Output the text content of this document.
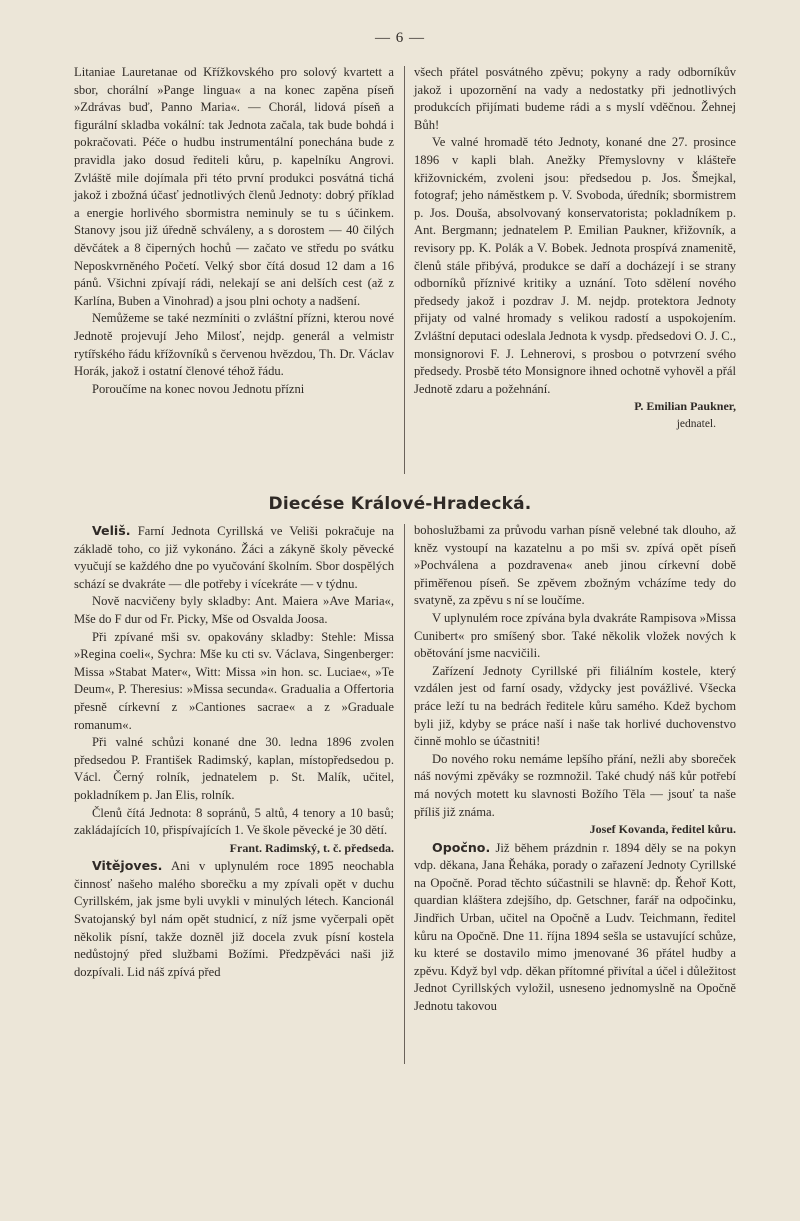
— 6 —

Litaniae Lauretanae od Křížkovského pro solový kvartett a sbor, chorální »Pange lingua« a na konec zapěna píseň »Zdrávas buď, Panno Maria«. — Chorál, lidová píseň a figurální skladba vokální: tak Jednota začala, tak bude bohdá i pokračovati. Péče o hudbu instrumentální ponechána bude z pravidla jako dosud řediteli kůru, p. kapelníku Angrovi. Zvláště mile dojímala při této první produkci posvátná tichá jakož i zbožná účasť jednotlivých členů Jednoty: dobrý příklad a energie horlivého sbormistra neminuly se tu s účinkem. Stanovy jsou již úředně schváleny, a s dorostem — 40 čilých děvčátek a 8 čiperných hochů — začato ve středu po svátku Neposkvrněného Početí. Velký sbor čítá dosud 12 dam a 16 pánů. Všichni zpívají rádi, nelekají se ani delších cest (až z Karlína, Buben a Vinohrad) a jsou plni ochoty a nadšení.

Nemůžeme se také nezmíniti o zvláštní přízni, kterou nové Jednotě projevují Jeho Milosť, nejdp. generál a velmistr rytířského řádu křížovníků s červenou hvězdou, Th. Dr. Václav Horák, jakož i ostatní členové téhož řádu.

Poroučíme na konec novou Jednotu přízni

všech přátel posvátného zpěvu; pokyny a rady odborníkův jakož i upozornění na vady a nedostatky při jednotlivých produkcích přijímati budeme rádi a s myslí vděčnou. Žehnej Bůh!

Ve valné hromadě této Jednoty, konané dne 27. prosince 1896 v kapli blah. Anežky Přemyslovny v klášteře křižovnickém, zvoleni jsou: předsedou p. Jos. Šmejkal, fotograf; jeho náměstkem p. V. Svoboda, úředník; sbormistrem p. Jos. Douša, absolvovaný konservatorista; pokladníkem p. Ant. Bergmann; jednatelem P. Emilian Paukner, křižovník, a revisory pp. K. Polák a V. Bobek. Jednota prospívá znamenitě, členů stále přibývá, produkce se daří a docházejí i se strany odborníků příznivé kritiky a uznání. Toto sdělení nového předsedy jakož i pozdrav J. M. nejdp. protektora Jednoty přijaty od valné hromady s velikou radostí a uspokojením. Zvláštní deputaci odeslala Jednota k vysdp. předsedovi O. J. C., monsignorovi F. J. Lehnerovi, s prosbou o potvrzení svého předsedy. Prosbě této Monsignore ihned ochotně vyhověl a přál Jednotě zdaru a požehnání.

P. Emilian Paukner,

jednatel.

Diecése Králové-Hradecká.

Veliš. Farní Jednota Cyrillská ve Veliši pokračuje na základě toho, co již vykonáno. Žáci a zákyně školy pěvecké vyučují se každého dne po vyučování školním. Sbor dospělých schází se dvakráte — dle potřeby i vícekráte — v týdnu.

Nově nacvičeny byly skladby: Ant. Maiera »Ave Maria«, Mše do F dur od Fr. Picky, Mše od Osvalda Joosa.

Při zpívané mši sv. opakovány skladby: Stehle: Missa »Regina coeli«, Sychra: Mše ku cti sv. Václava, Singenberger: Missa »Stabat Mater«, Witt: Missa »in hon. sc. Luciae«, »Te Deum«, P. Theresius: »Missa secunda«. Gradualia a Offertoria přesně církevní z »Cantiones sacrae« a z »Graduale romanum«.

Při valné schůzi konané dne 30. ledna 1896 zvolen předsedou P. František Radimský, kaplan, místopředsedou p. Václ. Černý rolník, jednatelem p. St. Malík, učitel, pokladníkem p. Jan Elis, rolník.

Členů čítá Jednota: 8 sopránů, 5 altů, 4 tenory a 10 basů; zakládajících 10, přispívajících 1. Ve škole pěvecké je 30 dětí.

Frant. Radimský, t. č. předseda.

Vitějoves. Ani v uplynulém roce 1895 neochabla činnosť našeho malého sborečku a my zpívali opět v duchu Cyrillském, jak jsme byli uvykli v minulých létech. Kancionál Svatojanský byl nám opět studnicí, z níž jsme vyčerpali opět několik písní, takže dozněl již docela zvuk písní kostela nedůstojný před službami Božími. Předzpěváci naši již dozpívali. Lid náš zpívá před

bohoslužbami za průvodu varhan písně velebné tak dlouho, až kněz vystoupí na kazatelnu a po mši sv. zpívá opět píseň »Pochválena a pozdravena« aneb jinou církevní době přiměřenou píseň. Se zpěvem zbožným vcházíme tedy do svatyně, za zpěvu s ní se loučíme.

V uplynulém roce zpívána byla dvakráte Rampisova »Missa Cunibert« pro smíšený sbor. Také několik vložek nových k obětování jsme nacvičili.

Zařízení Jednoty Cyrillské při filiálním kostele, který vzdálen jest od farní osady, vždycky jest povážlivé. Všecka práce leží tu na bedrách ředitele kůru samého. Kdež bychom byli již, kdyby se práce naší i naše tak horlivé duchovenstvo činně mohlo se účastniti!

Do nového roku nemáme lepšího přání, nežli aby sboreček náš novými zpěváky se rozmnožil. Také chudý náš kůr potřebí má nových motett ku slavnosti Božího Těla — jsouť ta naše příliš již známa.

Josef Kovanda, ředitel kůru.

Opočno. Již během prázdnin r. 1894 děly se na pokyn vdp. děkana, Jana Řeháka, porady o zařazení Jednoty Cyrillské na Opočně. Porad těchto súčastnili se hlavně: dp. Řehoř Kott, quardian kláštera zdejšího, dp. Getschner, farář na odpočinku, Jindřich Urban, učitel na Opočně a Ludv. Teichmann, ředitel kůru na Opočně. Dne 11. října 1894 sešla se ustavující schůze, ku které se dostavilo mimo jmenované 36 přátel hudby a zpěvu. Když byl vdp. děkan přítomné přivítal a účel i důležitost Jednot Cyrillských vyložil, usneseno jednomyslně na Opočně Jednotu takovou
